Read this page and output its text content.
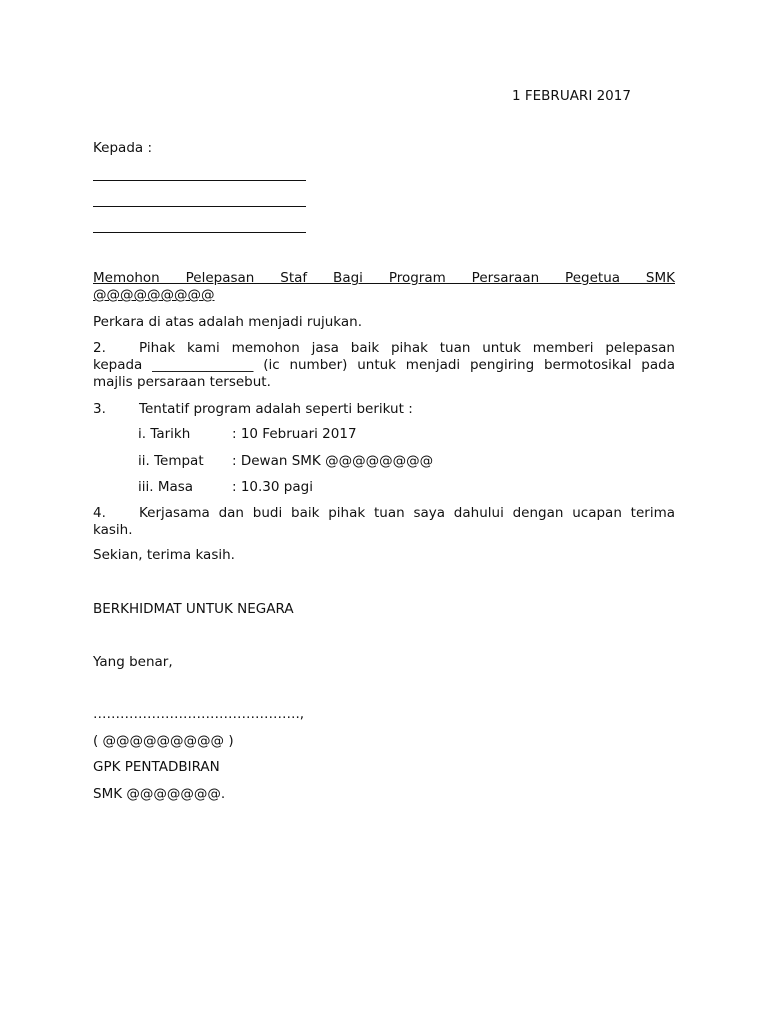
1 FEBRUARI 2017
Kepada :
Memohon Pelepasan Staf Bagi Program Persaraan Pegetua SMK
@@@@@@@@@
Perkara di atas adalah menjadi rujukan.
2. Pihak kami memohon jasa baik pihak tuan untuk memberi pelepasan
kepada _______________ (ic number) untuk menjadi pengiring bermotosikal pada
majlis persaraan tersebut.
3. Tentatif program adalah seperti berikut :
i. Tarikh	: 10 Februari 2017
ii. Tempat : Dewan SMK @@@@@@@@
iii. Masa	: 10.30 pagi
4. Kerjasama dan budi baik pihak tuan saya dahului dengan ucapan terima
kasih.
Sekian, terima kasih.
BERKHIDMAT UNTUK NEGARA
Yang benar,
……………………………………….,
( @@@@@@@@@ )
GPK PENTADBIRAN
SMK @@@@@@@.
